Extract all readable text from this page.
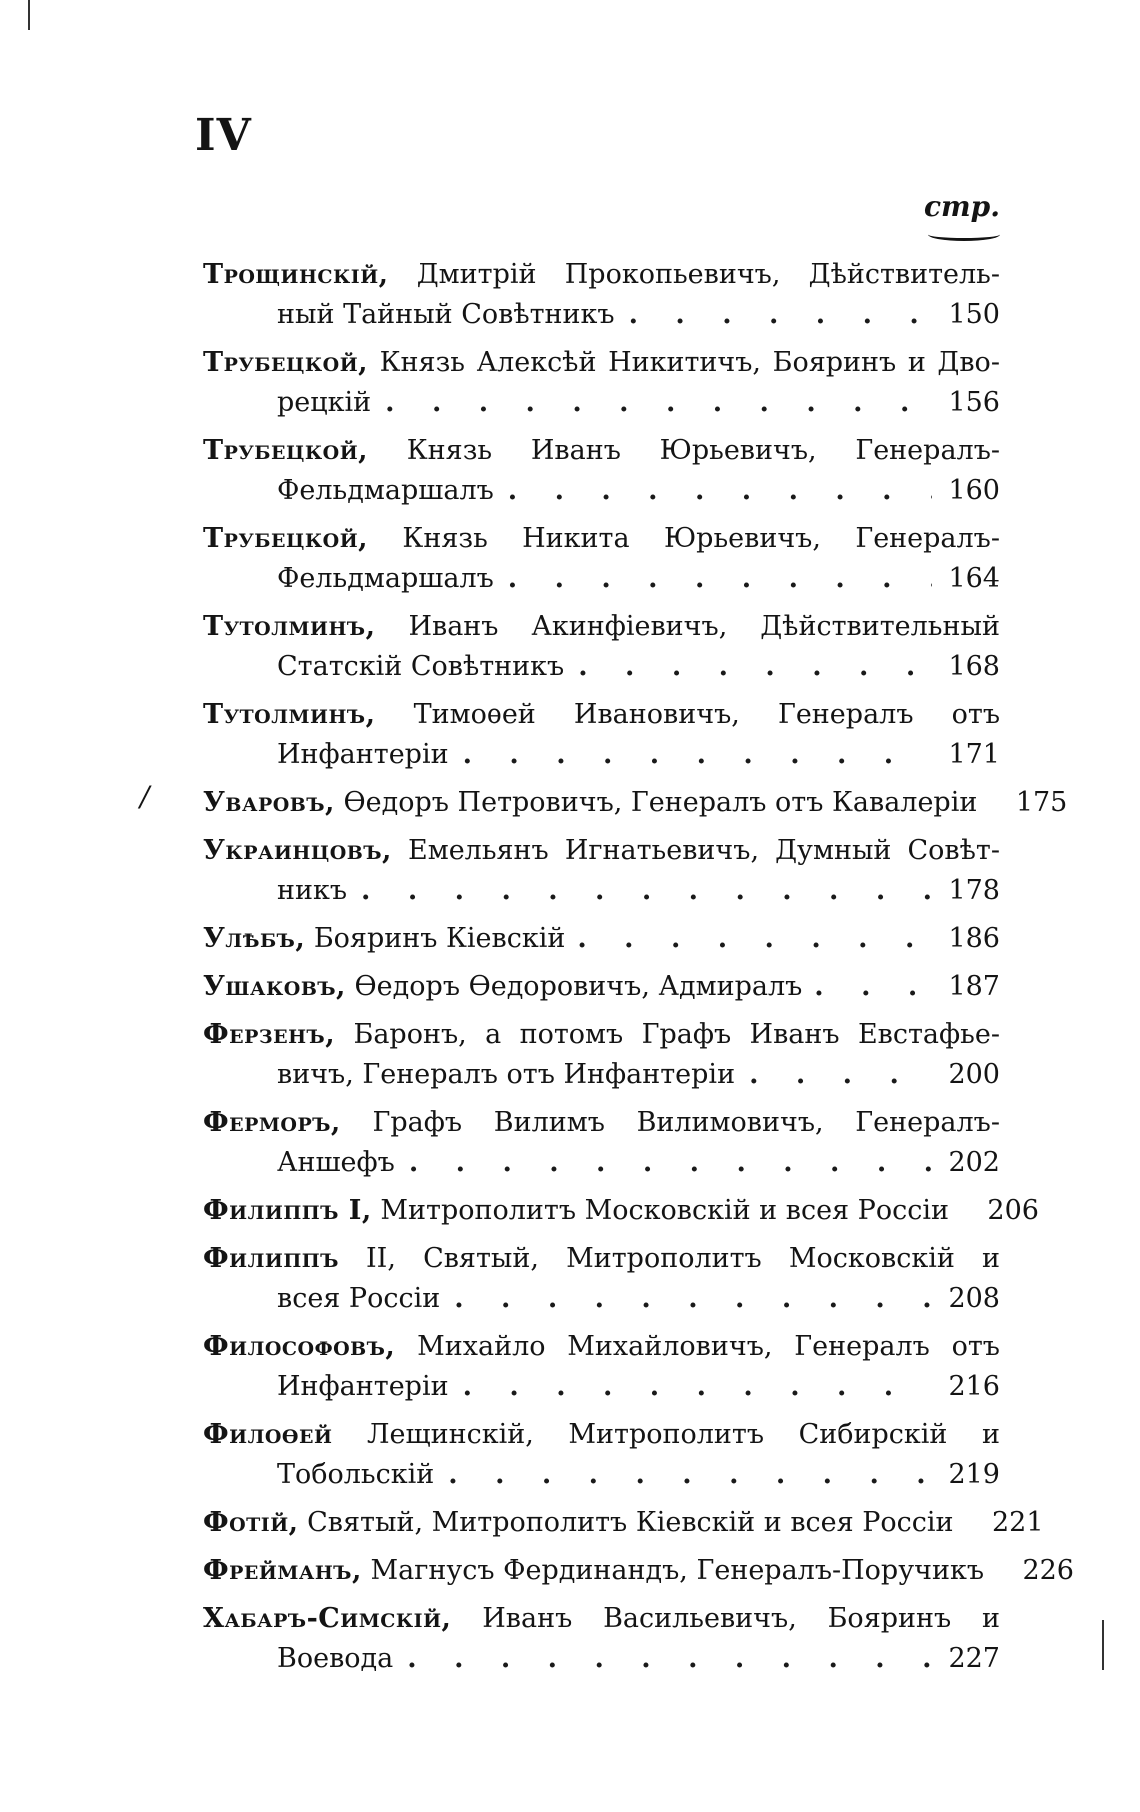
IV
стр.
/
Трощинскій, Дмитрій Прокопьевичъ, Дѣйствитель-
ный Тайный Совѣтникъ . . .	150
Трубецкой, Князь Алексѣй Никитичъ, Бояринъ и Дво-
рецкій . . .	156
Трубецкой, Князь Иванъ Юрьевичъ, Генералъ-
Фельдмаршалъ . . .	160
Трубецкой, Князь Никита Юрьевичъ, Генералъ-
Фельдмаршалъ . . .	164
Тутолминъ, Иванъ Акинфіевичъ, Дѣйствительный
Статскій Совѣтникъ . . .	168
Тутолминъ, Тимоѳей Ивановичъ, Генералъ отъ
Инфантеріи . . .	171
Уваровъ, Ѳедоръ Петровичъ, Генералъ отъ Кавалеріи	175
Украинцовъ, Емельянъ Игнатьевичъ, Думный Совѣт-
никъ . . .	178
Улѣбъ, Бояринъ Кіевскій . . .	186
Ушаковъ, Ѳедоръ Ѳедоровичъ, Адмиралъ . . .	187
Ферзенъ, Баронъ, а потомъ Графъ Иванъ Евстафье-
вичъ, Генералъ отъ Инфантеріи . . .	200
Ферморъ, Графъ Вилимъ Вилимовичъ, Генералъ-
Аншефъ . . .	202
Филиппъ I, Митрополитъ Московскій и всея Россіи	206
Филиппъ II, Святый, Митрополитъ Московскій и
всея Россіи . . .	208
Философовъ, Михайло Михайловичъ, Генералъ отъ
Инфантеріи . . .	216
Филоѳей Лещинскій, Митрополитъ Сибирскій и
Тобольскій . . .	219
Фотій, Святый, Митрополитъ Кіевскій и всея Россіи	221
Фрейманъ, Магнусъ Фердинандъ, Генералъ-Поручикъ	226
Хабаръ-Симскій, Иванъ Васильевичъ, Бояринъ и
Воевода . . .	227
